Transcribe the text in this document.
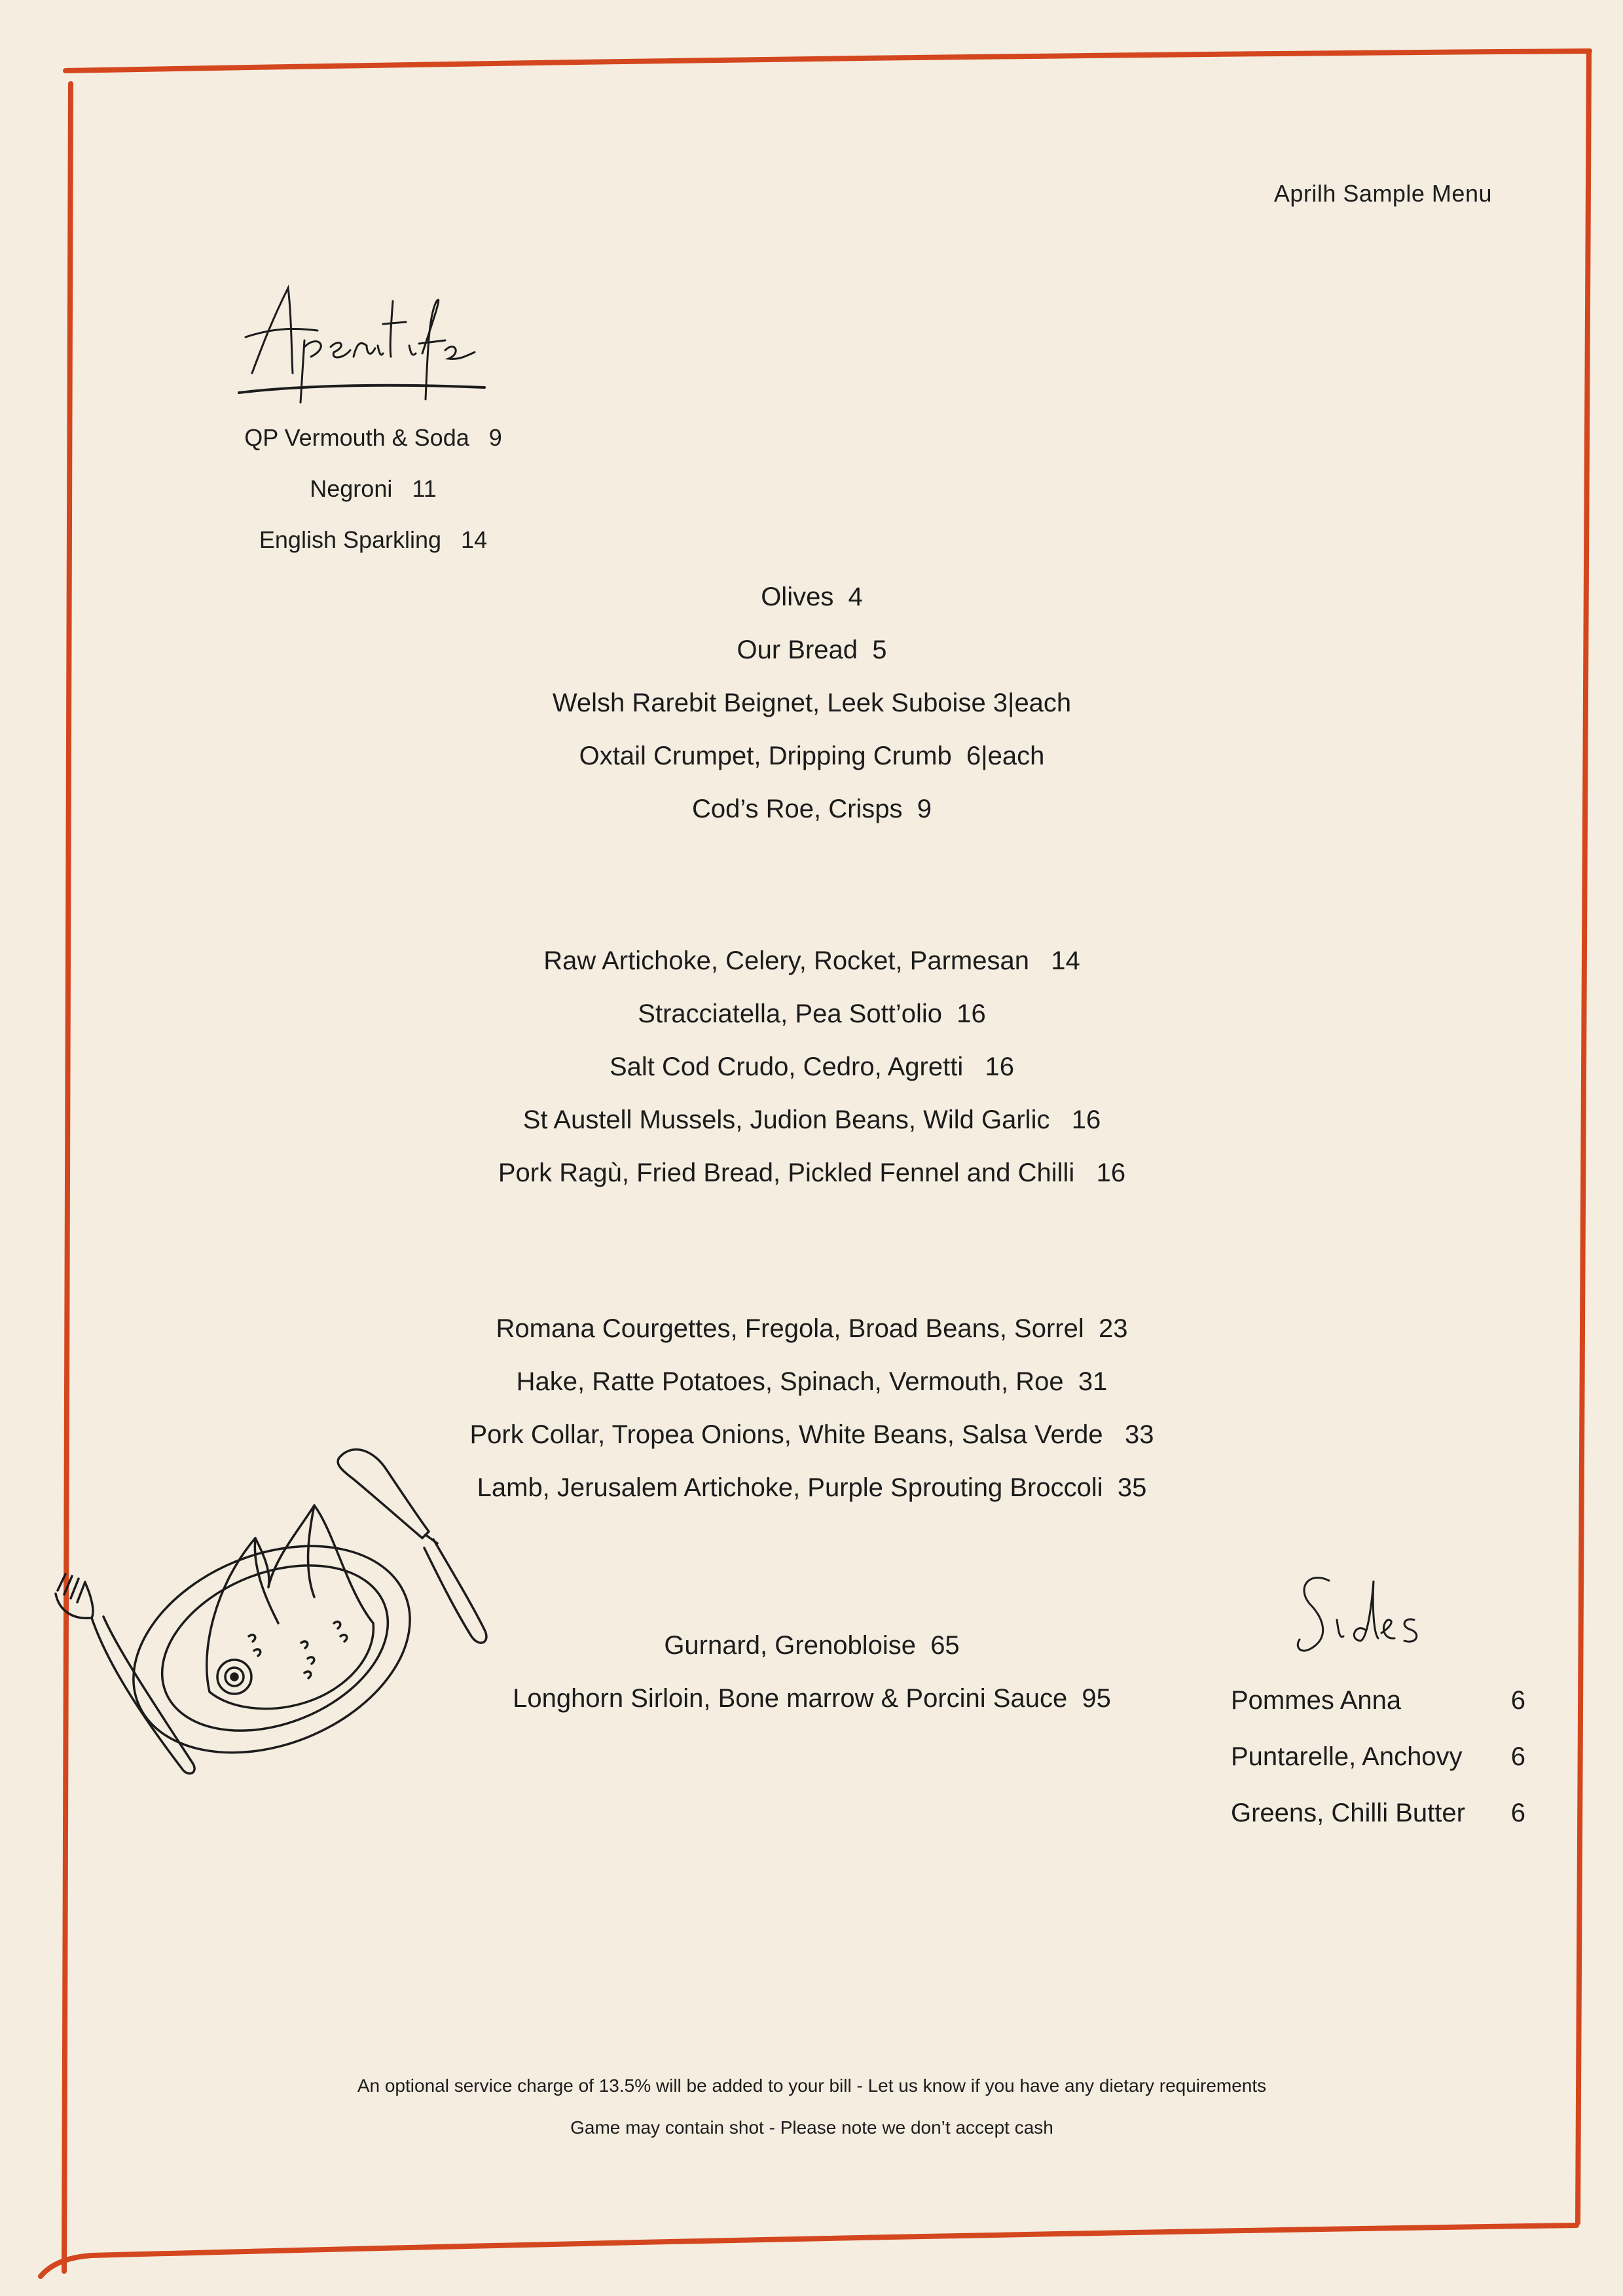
Aprilh Sample Menu
QP Vermouth & Soda   9
Negroni   11
English Sparkling   14
Olives  4
Our Bread  5
Welsh Rarebit Beignet, Leek Suboise 3|each
Oxtail Crumpet, Dripping Crumb  6|each
Cod’s Roe, Crisps  9
Raw Artichoke, Celery, Rocket, Parmesan   14
Stracciatella, Pea Sott’olio  16
Salt Cod Crudo, Cedro, Agretti   16
St Austell Mussels, Judion Beans, Wild Garlic   16
Pork Ragù, Fried Bread, Pickled Fennel and Chilli   16
Romana Courgettes, Fregola, Broad Beans, Sorrel  23
Hake, Ratte Potatoes, Spinach, Vermouth, Roe  31
Pork Collar, Tropea Onions, White Beans, Salsa Verde   33
Lamb, Jerusalem Artichoke, Purple Sprouting Broccoli  35
Gurnard, Grenobloise  65
Longhorn Sirloin, Bone marrow & Porcini Sauce  95	Pommes Anna	6
Puntarelle, Anchovy 6
Greens, Chilli Butter 6
An optional service charge of 13.5% will be added to your bill - Let us know if you have any dietary requirements
Game may contain shot - Please note we don’t accept cash
